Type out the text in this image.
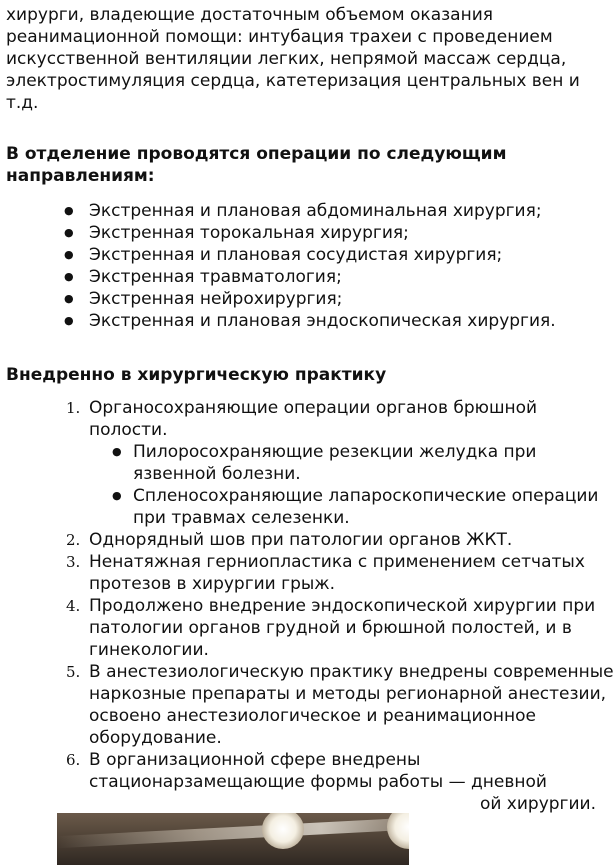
хирурги, владеющие достаточным объемом оказания реанимационной помощи: интубация трахеи с проведением искусственной вентиляции легких, непрямой массаж сердца, электростимуляция сердца, катетеризация центральных вен и т.д.

В отделение проводятся операции по следующим направлениям:

● Экстренная и плановая абдоминальная хирургия;
● Экстренная торокальная хирургия;
● Экстренная и плановая сосудистая хирургия;
● Экстренная травматология;
● Экстренная нейрохирургия;
● Экстренная и плановая эндоскопическая хирургия.

Внедренно в хирургическую практику

1. Органосохраняющие операции органов брюшной полости.
● Пилоросохраняющие резекции желудка при язвенной болезни.
● Спленосохраняющие лапароскопические операции при травмах селезенки.
2. Однорядный шов при патологии органов ЖКТ.
3. Ненатяжная герниопластика с применением сетчатых протезов в хирургии грыж.
4. Продолжено внедрение эндоскопической хирургии при патологии органов грудной и брюшной полостей, и в гинекологии.
5. В анестезиологическую практику внедрены современные наркозные препараты и методы регионарной анестезии, освоено анестезиологическое и реанимационное оборудование.
6. В организационной сфере внедрены стационарзамещающие формы работы — дневной
ой хирургии.
